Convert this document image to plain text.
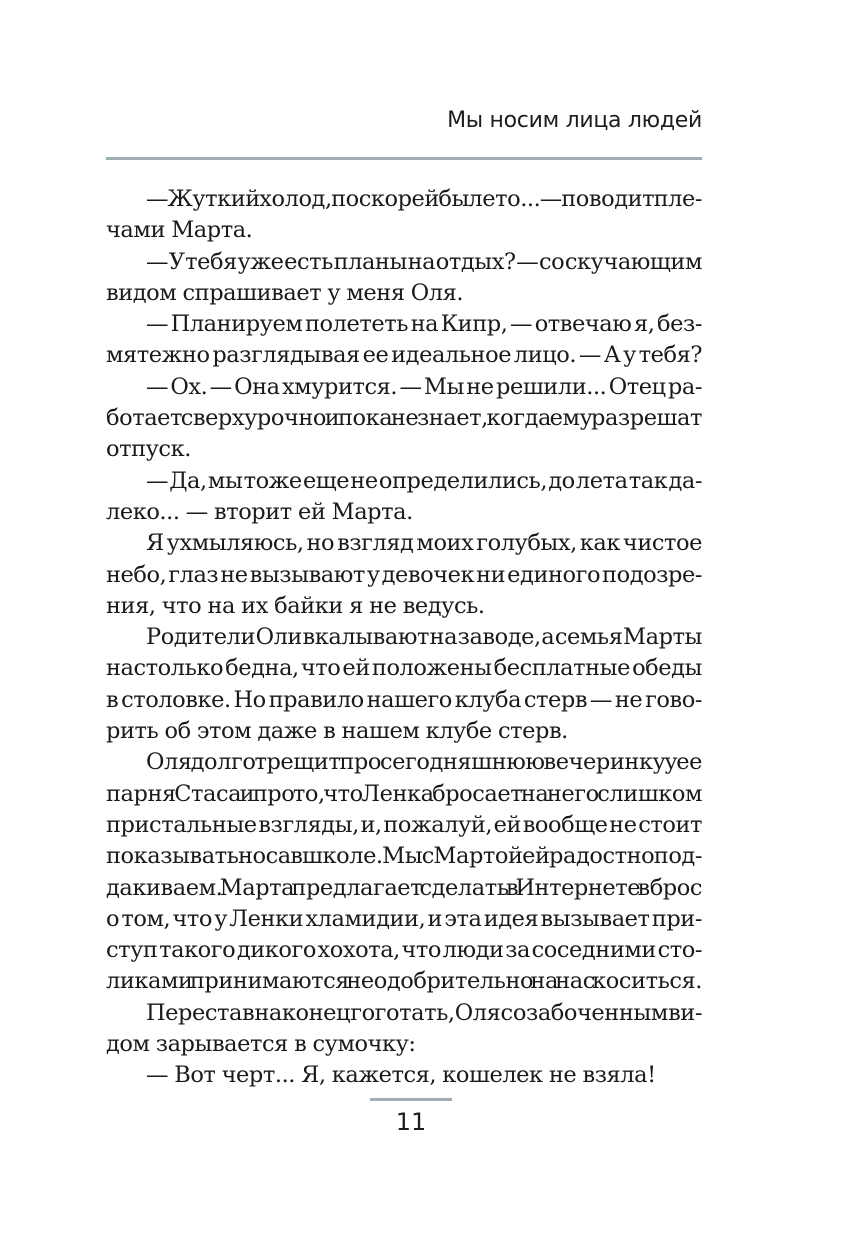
Мы носим лица людей
— Жуткий холод, поскорей бы лето... — поводит пле-
чами Марта.
— У тебя уже есть планы на отдых? — со скучающим
видом спрашивает у меня Оля.
— Планируем полететь на Кипр, — отвечаю я, без-
мятежно разглядывая ее идеальное лицо. — А у тебя?
— Ох. — Она хмурится. — Мы не решили... Отец ра-
ботает сверхурочно и пока не знает, когда ему разрешат
отпуск.
— Да, мы тоже еще не определились, до лета так да-
леко... — вторит ей Марта.
Я ухмыляюсь, но взгляд моих голубых, как чистое
небо, глаз не вызывают у девочек ни единого подозре-
ния, что на их байки я не ведусь.
Родители Оли вкалывают на заводе, а семья Марты
настолько бедна, что ей положены бесплатные обеды
в столовке. Но правило нашего клуба стерв — не гово-
рить об этом даже в нашем клубе стерв.
Оля долго трещит про сегодняшнюю вечеринку у ее
парня Стаса и про то, что Ленка бросает на него слишком
пристальные взгляды, и, пожалуй, ей вообще не стоит
показывать носа в школе. Мы с Мартой ей радостно под-
дакиваем. Марта предлагает сделать в Интернете вброс
о том, что у Ленки хламидии, и эта идея вызывает при-
ступ такого дикого хохота, что люди за соседними сто-
ликами принимаются неодобрительно на нас коситься.
Перестав наконец гоготать, Оля с озабоченным ви-
дом зарывается в сумочку:
— Вот черт... Я, кажется, кошелек не взяла!
11
